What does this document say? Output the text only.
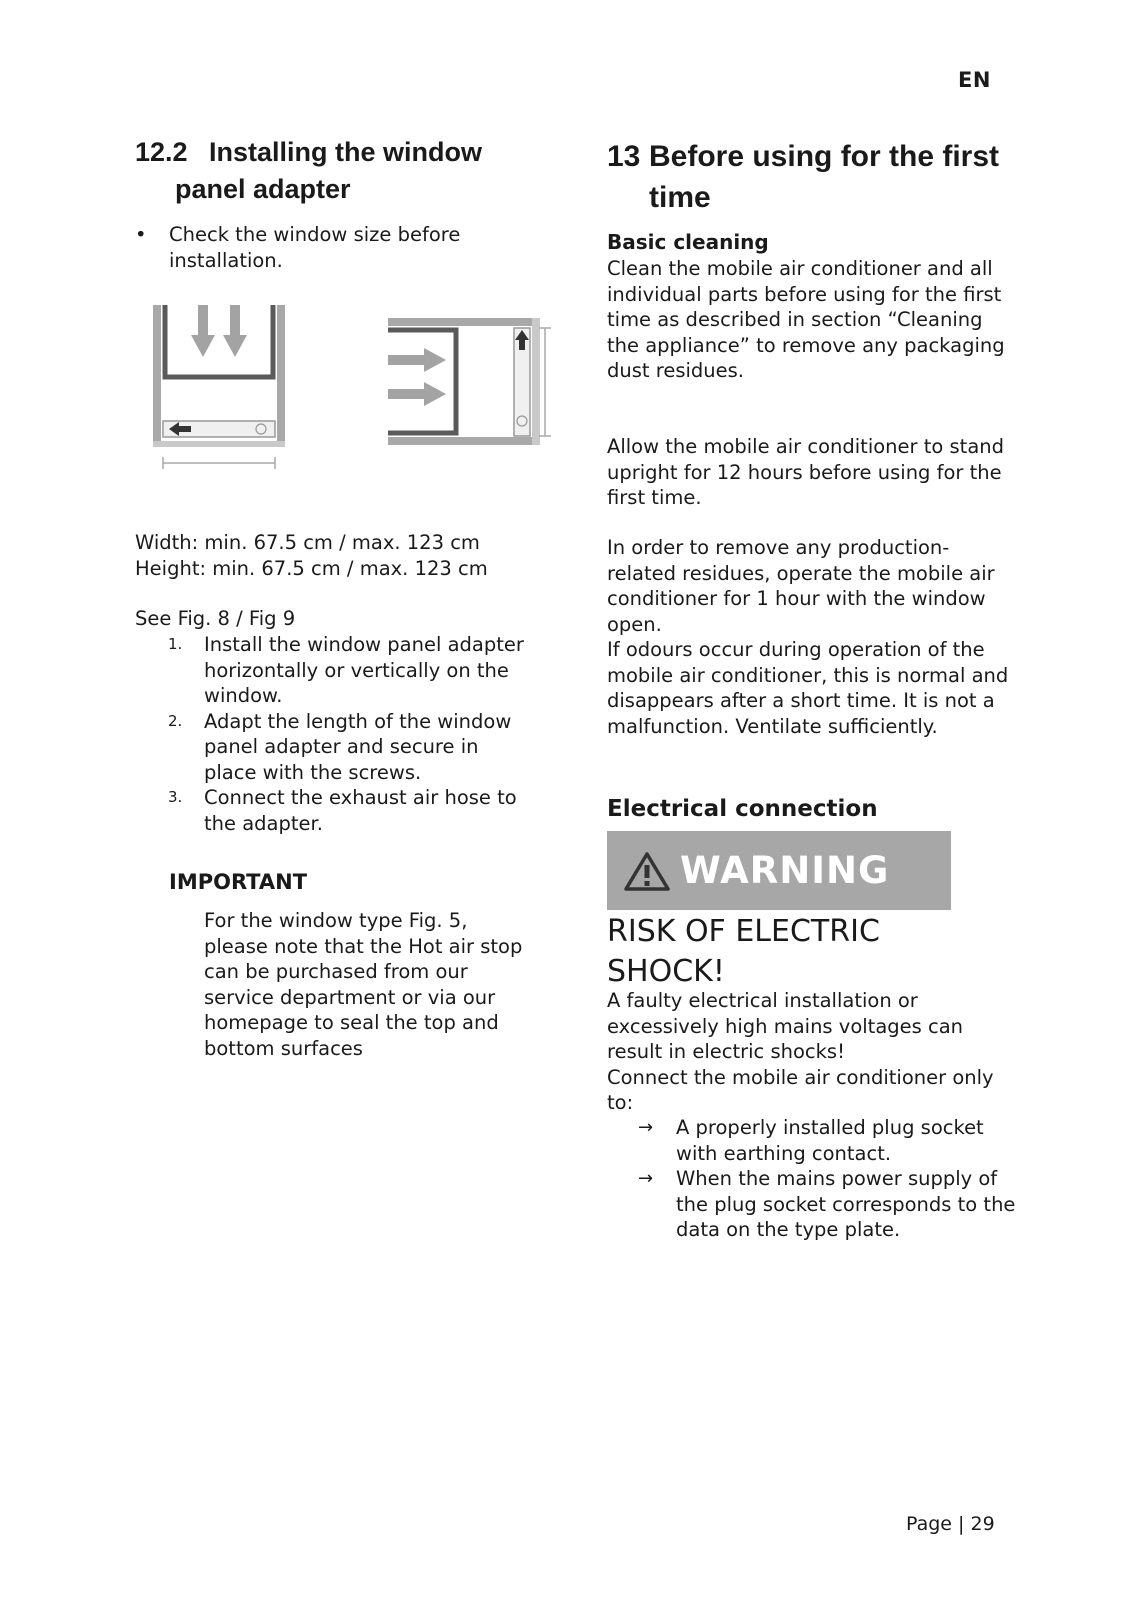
EN
12.2 Installing the window
panel adapter
•	Check the window size before installation.
Width: min. 67.5 cm / max. 123 cm
Height: min. 67.5 cm / max. 123 cm
See Fig. 8 / Fig 9
1.	Install the window panel adapter horizontally or vertically on the window.
2.	Adapt the length of the window panel adapter and secure in place with the screws.
3.	Connect the exhaust air hose to the adapter.
IMPORTANT
For the window type Fig. 5, please note that the Hot air stop can be purchased from our service department or via our homepage to seal the top and bottom surfaces
13 Before using for the first
time
Basic cleaning
Clean the mobile air conditioner and all individual parts before using for the first time as described in section “Cleaning the appliance” to remove any packaging dust residues.
Allow the mobile air conditioner to stand upright for 12 hours before using for the first time.
In order to remove any production-related residues, operate the mobile air conditioner for 1 hour with the window open.
If odours occur during operation of the mobile air conditioner, this is normal and disappears after a short time. It is not a malfunction. Ventilate sufficiently.
Electrical connection
WARNING
RISK OF ELECTRIC
SHOCK!
A faulty electrical installation or excessively high mains voltages can result in electric shocks!
Connect the mobile air conditioner only to:
→	A properly installed plug socket with earthing contact.
→	When the mains power supply of the plug socket corresponds to the data on the type plate.
Page | 29
